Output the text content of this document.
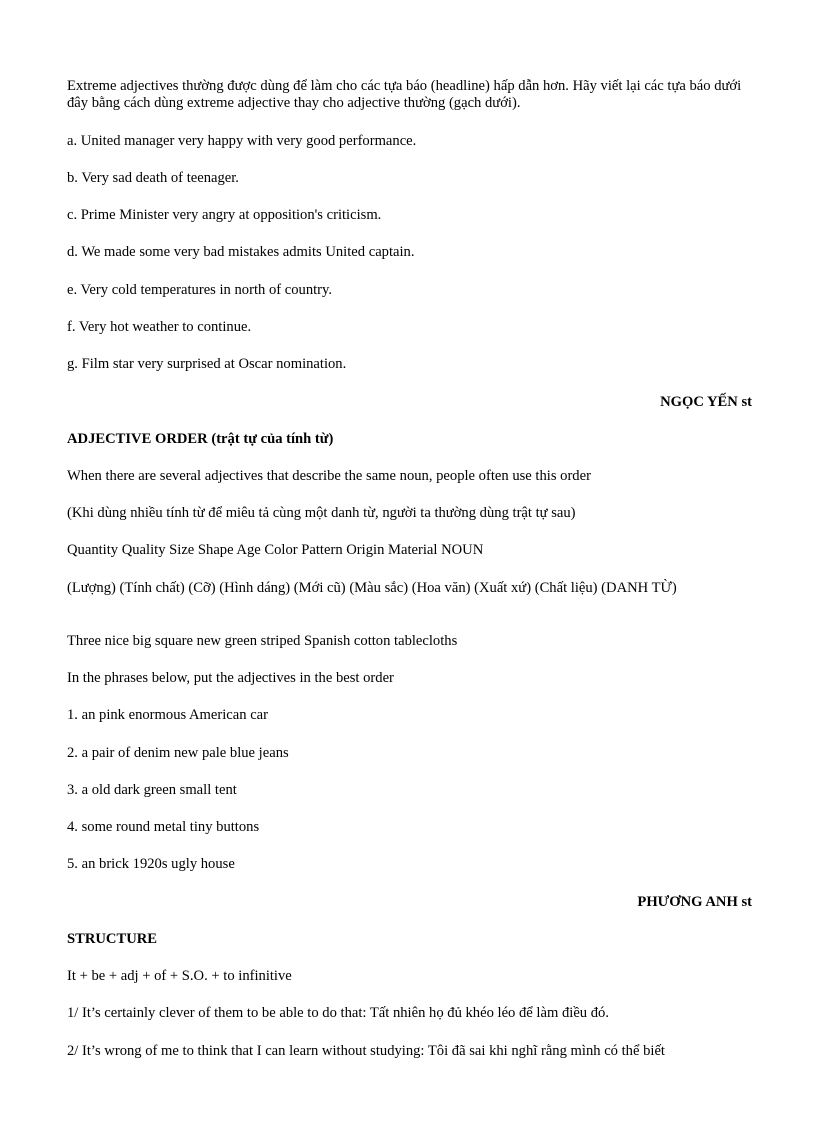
Extreme adjectives thường được dùng để làm cho các tựa báo (headline) hấp dẫn hơn. Hãy viết lại các tựa báo dưới đây bằng cách dùng extreme adjective thay cho adjective thường (gạch dưới).

a. United manager very happy with very good performance.

b. Very sad death of teenager.

c. Prime Minister very angry at opposition's criticism.

d. We made some very bad mistakes admits United captain.

e. Very cold temperatures in north of country.

f. Very hot weather to continue.

g. Film star very surprised at Oscar nomination.

NGỌC YẾN st

ADJECTIVE ORDER (trật tự của tính từ)

When there are several adjectives that describe the same noun, people often use this order

(Khi dùng nhiều tính từ để miêu tả cùng một danh từ, người ta thường dùng trật tự sau)

Quantity Quality Size Shape Age Color Pattern Origin Material NOUN

(Lượng) (Tính chất) (Cỡ) (Hình dáng) (Mới cũ) (Màu sắc) (Hoa văn) (Xuất xứ) (Chất liệu) (DANH TỪ)

Three nice big square new green striped Spanish cotton tablecloths

In the phrases below, put the adjectives in the best order

1. an pink enormous American car

2. a pair of denim new pale blue jeans

3. a old dark green small tent

4. some round metal tiny buttons

5. an brick 1920s ugly house

PHƯƠNG ANH st

STRUCTURE

It + be + adj + of + S.O. + to infinitive

1/ It’s certainly clever of them to be able to do that: Tất nhiên họ đủ khéo léo để làm điều đó.

2/ It’s wrong of me to think that I can learn without studying: Tôi đã sai khi nghĩ rằng mình có thể biết
